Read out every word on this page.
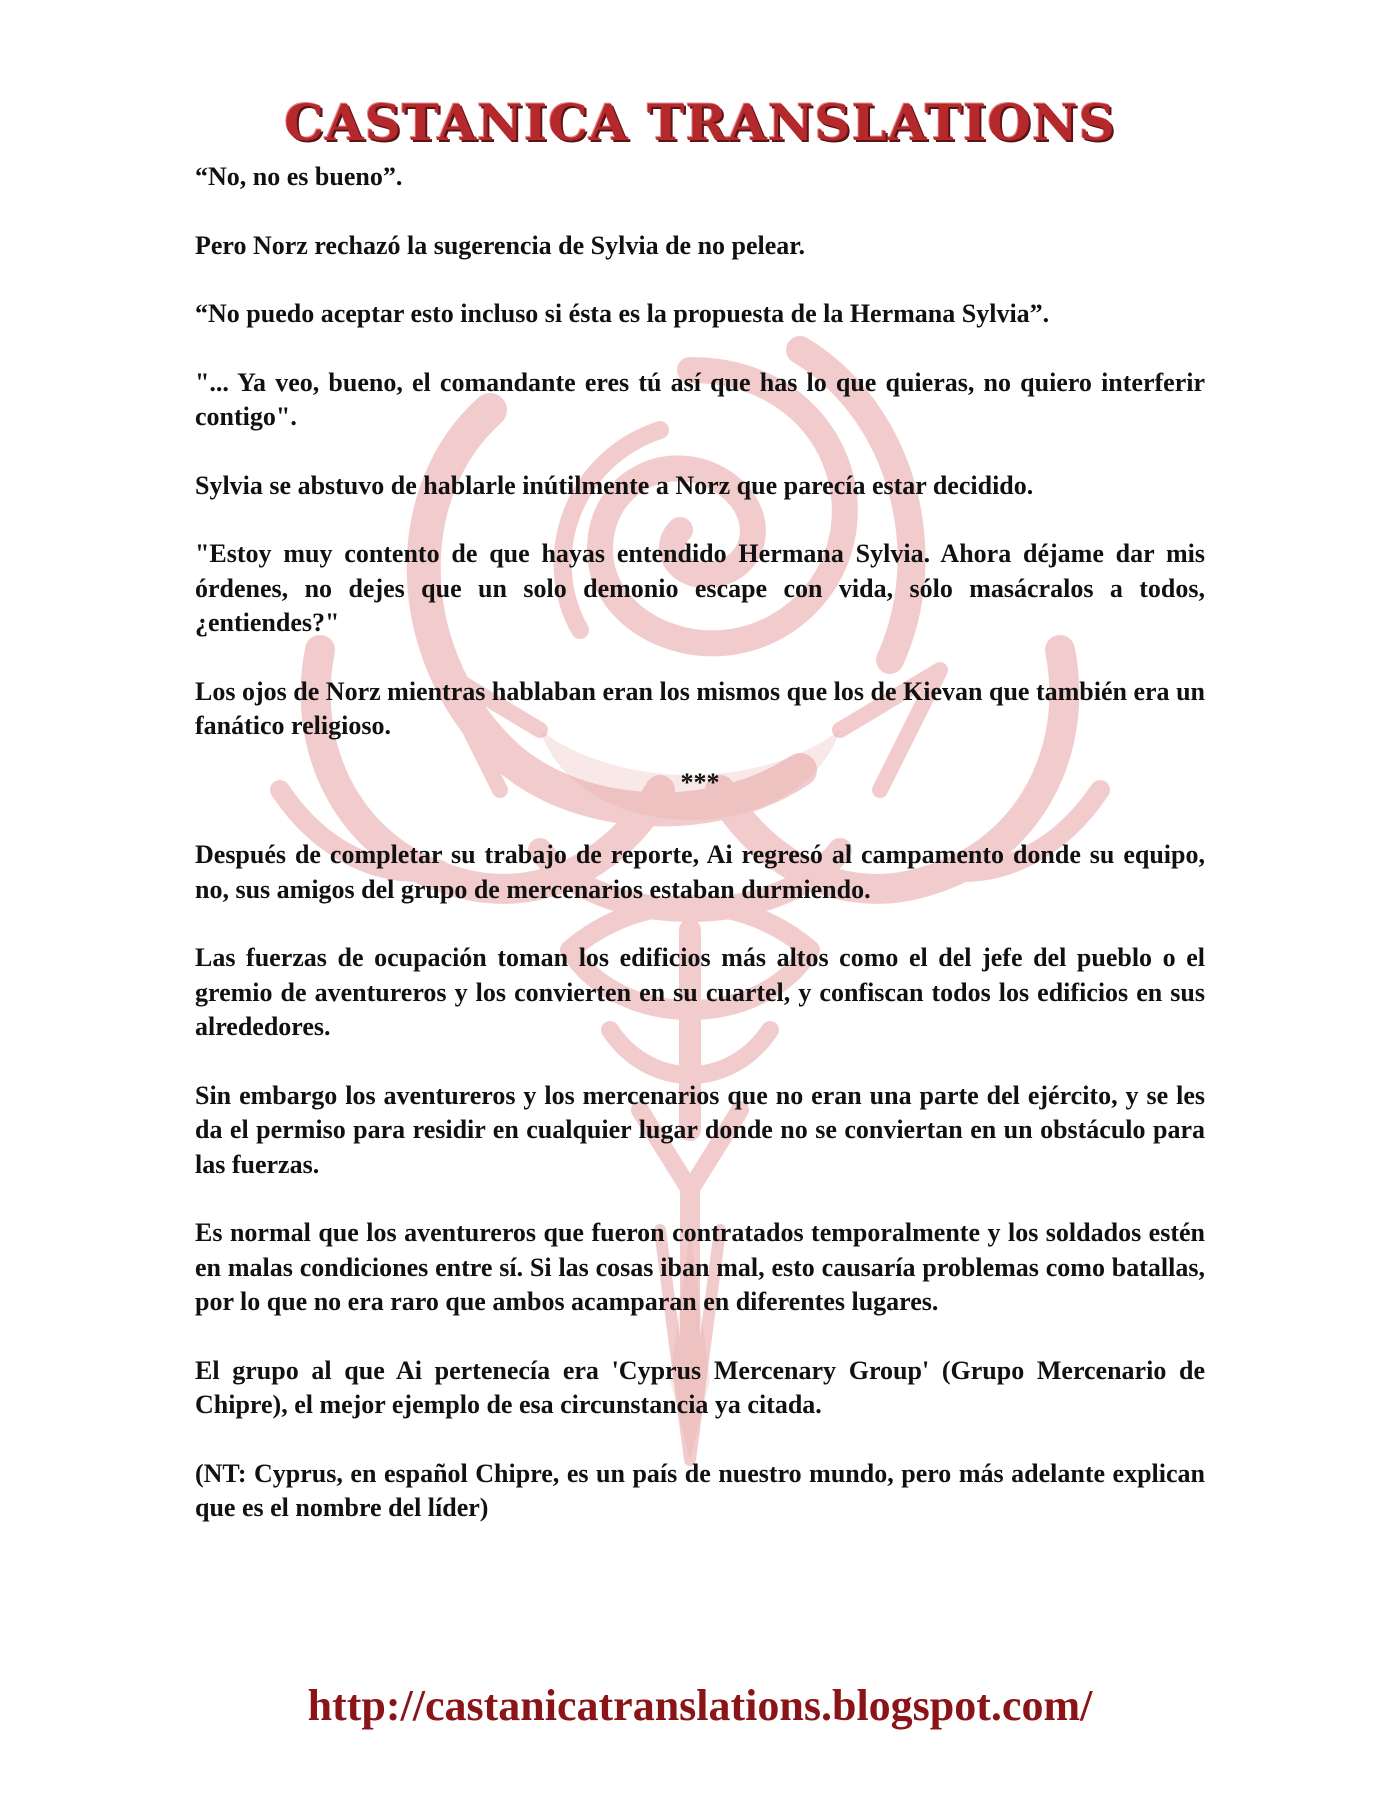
CASTANICA TRANSLATIONS

“No, no es bueno”.

Pero Norz rechazó la sugerencia de Sylvia de no pelear.

“No puedo aceptar esto incluso si ésta es la propuesta de la Hermana Sylvia”.

"... Ya veo, bueno, el comandante eres tú así que has lo que quieras, no quiero interferir contigo".

Sylvia se abstuvo de hablarle inútilmente a Norz que parecía estar decidido.

"Estoy muy contento de que hayas entendido Hermana Sylvia. Ahora déjame dar mis órdenes, no dejes que un solo demonio escape con vida, sólo masácralos a todos, ¿entiendes?"

Los ojos de Norz mientras hablaban eran los mismos que los de Kievan que también era un fanático religioso.

***

Después de completar su trabajo de reporte, Ai regresó al campamento donde su equipo, no, sus amigos del grupo de mercenarios estaban durmiendo.

Las fuerzas de ocupación toman los edificios más altos como el del jefe del pueblo o el gremio de aventureros y los convierten en su cuartel, y confiscan todos los edificios en sus alrededores.

Sin embargo los aventureros y los mercenarios que no eran una parte del ejército, y se les da el permiso para residir en cualquier lugar donde no se conviertan en un obstáculo para las fuerzas.

Es normal que los aventureros que fueron contratados temporalmente y los soldados estén en malas condiciones entre sí. Si las cosas iban mal, esto causaría problemas como batallas, por lo que no era raro que ambos acamparan en diferentes lugares.

El grupo al que Ai pertenecía era 'Cyprus Mercenary Group' (Grupo Mercenario de Chipre), el mejor ejemplo de esa circunstancia ya citada.

(NT: Cyprus, en español Chipre, es un país de nuestro mundo, pero más adelante explican que es el nombre del líder)

http://castanicatranslations.blogspot.com/
